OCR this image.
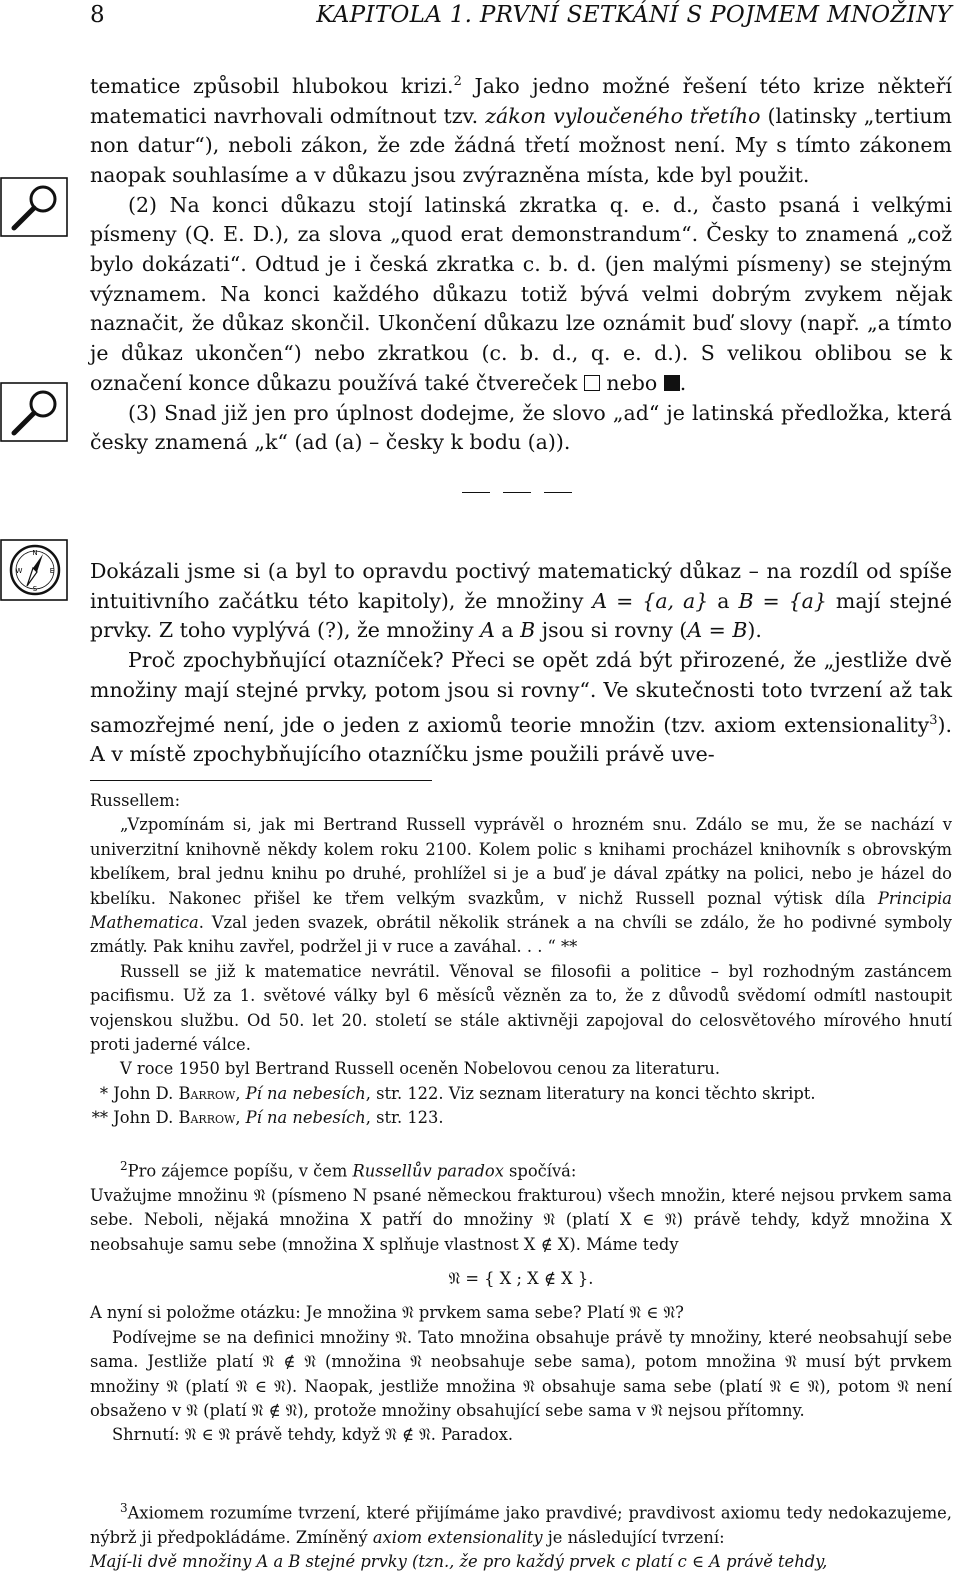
8	KAPITOLA 1. PRVNÍ SETKÁNÍ S POJMEM MNOŽINY
N
S
W	E

tematice způsobil hlubokou krizi.$^2$ Jako jedno možné řešení této krize někteří matematici navrhovali odmítnout tzv. zákon vyloučeného třetího (latinsky „tertium non datur“), neboli zákon, že zde žádná třetí možnost není. My s tímto zákonem naopak souhlasíme a v důkazu jsou zvýrazněna místa, kde byl použit.

(2) Na konci důkazu stojí latinská zkratka q. e. d., často psaná i velkými písmeny (Q. E. D.), za slova „quod erat demonstrandum“. Česky to znamená „což bylo dokázati“. Odtud je i česká zkratka c. b. d. (jen malými písmeny) se stejným významem. Na konci každého důkazu totiž bývá velmi dobrým zvykem nějak naznačit, že důkaz skončil. Ukončení důkazu lze oznámit buď slovy (např. „a tímto je důkaz ukončen“) nebo zkratkou (c. b. d., q. e. d.). S velikou oblibou se k označení konce důkazu používá také čtvereček  nebo .

(3) Snad již jen pro úplnost dodejme, že slovo „ad“ je latinská předložka, která česky znamená „k“ (ad (a) – česky k bodu (a)).

Dokázali jsme si (a byl to opravdu poctivý matematický důkaz – na rozdíl od spíše intuitivního začátku této kapitoly), že množiny A = {a, a} a B = {a} mají stejné prvky. Z toho vyplývá (?), že množiny A a B jsou si rovny (A = B).

Proč zpochybňující otazníček? Přeci se opět zdá být přirozené, že „jestliže dvě množiny mají stejné prvky, potom jsou si rovny“. Ve skutečnosti toto tvrzení až tak samozřejmé není, jde o jeden z axiomů teorie množin (tzv. axiom extensionality$^3$). A v místě zpochybňujícího otazníčku jsme použili právě uve-

Russellem:

„Vzpomínám si, jak mi Bertrand Russell vyprávěl o hrozném snu. Zdálo se mu, že se nachází v univerzitní knihovně někdy kolem roku 2100. Kolem polic s knihami procházel knihovník s obrovským kbelíkem, bral jednu knihu po druhé, prohlížel si je a buď je dával zpátky na polici, nebo je házel do kbelíku. Nakonec přišel ke třem velkým svazkům, v nichž Russell poznal výtisk díla Principia Mathematica. Vzal jeden svazek, obrátil několik stránek a na chvíli se zdálo, že ho podivné symboly zmátly. Pak knihu zavřel, podržel ji v ruce a zaváhal. . . “ **

Russell se již k matematice nevrátil. Věnoval se filosofii a politice – byl rozhodným zastáncem pacifismu. Už za 1. světové války byl 6 měsíců vězněn za to, že z důvodů svědomí odmítl nastoupit vojenskou službu. Od 50. let 20. století se stále aktivněji zapojoval do celosvětového mírového hnutí proti jaderné válce.

V roce 1950 byl Bertrand Russell oceněn Nobelovou cenou za literaturu.

* John D. Barrow, Pí na nebesích, str. 122. Viz seznam literatury na konci těchto skript.

** John D. Barrow, Pí na nebesích, str. 123.

$^2$Pro zájemce popíšu, v čem Russellův paradox spočívá:

Uvažujme množinu 𝔑 (písmeno N psané německou frakturou) všech množin, které nejsou prvkem sama sebe. Neboli, nějaká množina X patří do množiny 𝔑 (platí X ∈ 𝔑) právě tehdy, když množina X neobsahuje samu sebe (množina X splňuje vlastnost X ∉ X). Máme tedy

𝔑 = { X ; X ∉ X }.

A nyní si položme otázku: Je množina 𝔑 prvkem sama sebe? Platí 𝔑 ∈ 𝔑?

Podívejme se na definici množiny 𝔑. Tato množina obsahuje právě ty množiny, které neobsahují sebe sama. Jestliže platí 𝔑 ∉ 𝔑 (množina 𝔑 neobsahuje sebe sama), potom množina 𝔑 musí být prvkem množiny 𝔑 (platí 𝔑 ∈ 𝔑). Naopak, jestliže množina 𝔑 obsahuje sama sebe (platí 𝔑 ∈ 𝔑), potom 𝔑 není obsaženo v 𝔑 (platí 𝔑 ∉ 𝔑), protože množiny obsahující sebe sama v 𝔑 nejsou přítomny.

Shrnutí: 𝔑 ∈ 𝔑 právě tehdy, když 𝔑 ∉ 𝔑. Paradox.

$^3$Axiomem rozumíme tvrzení, které přijímáme jako pravdivé; pravdivost axiomu tedy nedokazujeme, nýbrž ji předpokládáme. Zmíněný axiom extensionality je následující tvrzení:

Mají-li dvě množiny A a B stejné prvky (tzn., že pro každý prvek c platí c ∈ A právě tehdy,
